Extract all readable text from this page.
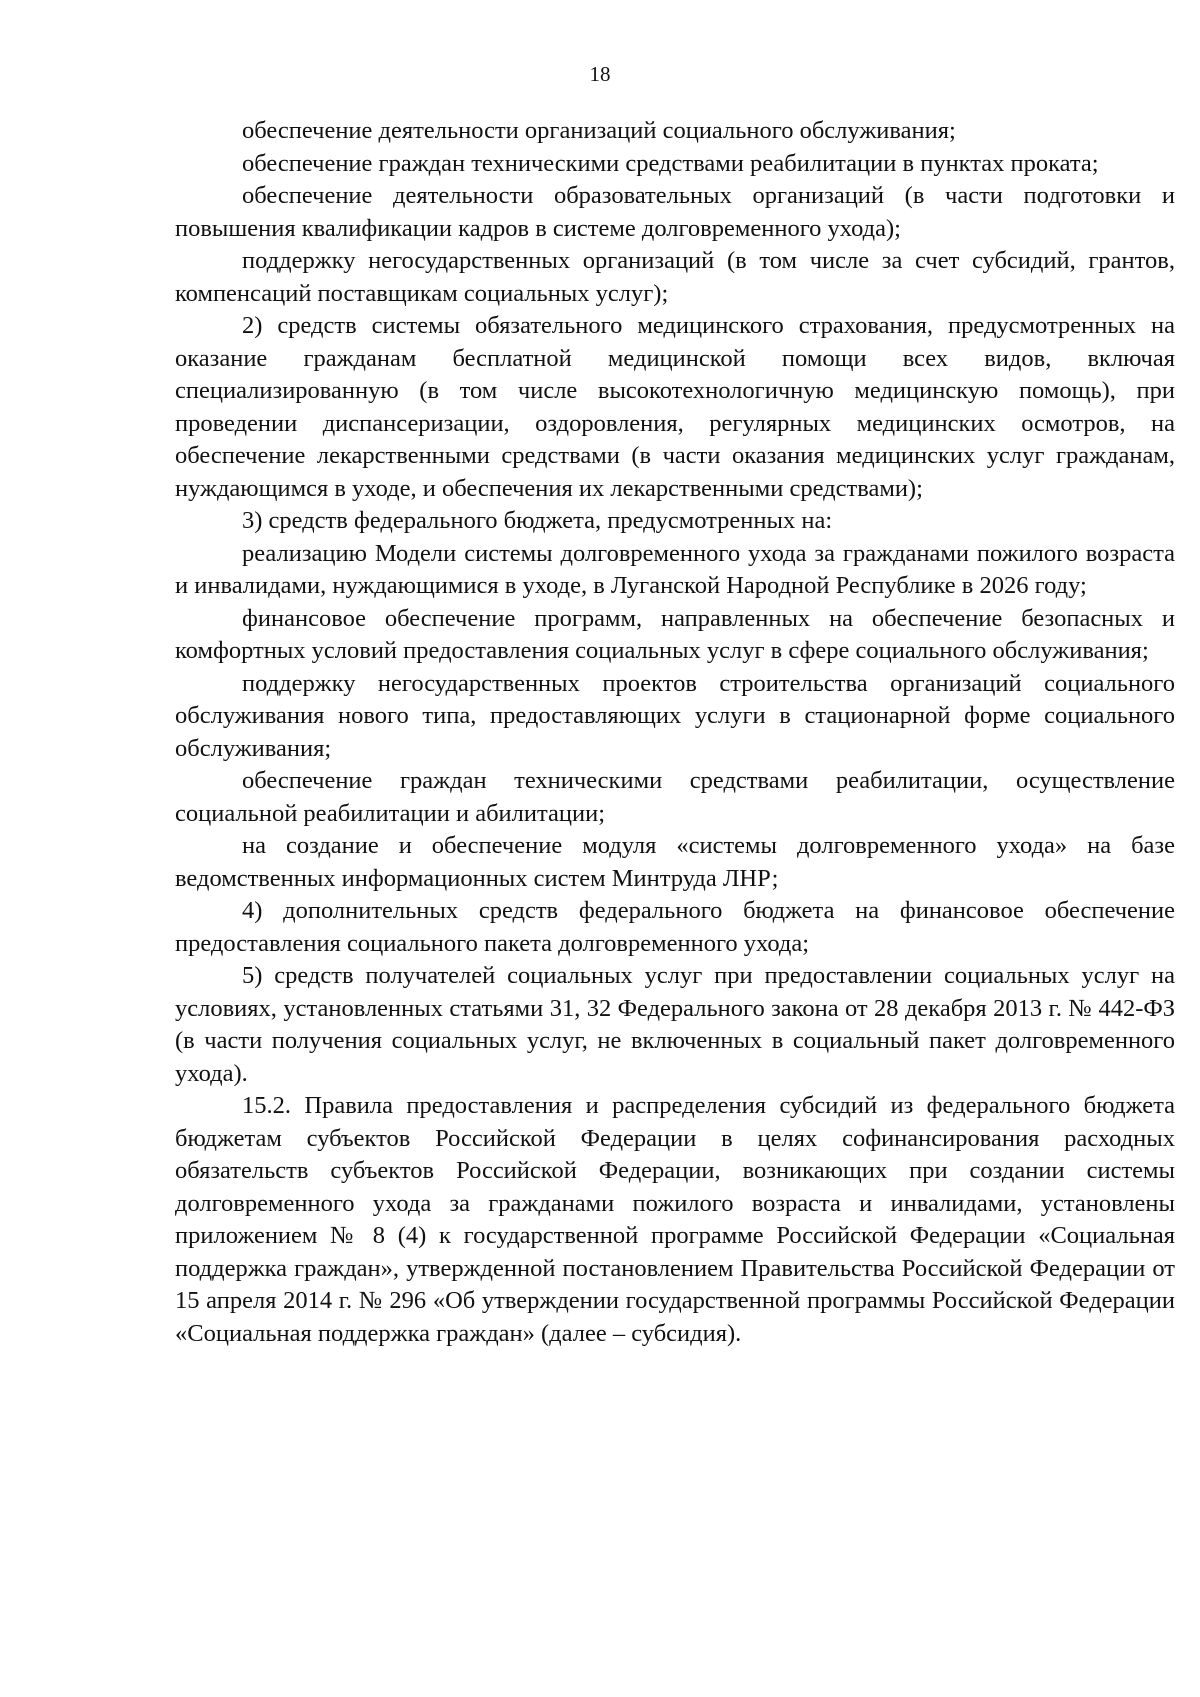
18

обеспечение деятельности организаций социального обслуживания;

обеспечение граждан техническими средствами реабилитации в пунктах проката;

обеспечение деятельности образовательных организаций (в части подготовки и повышения квалификации кадров в системе долговременного ухода);

поддержку негосударственных организаций (в том числе за счет субсидий, грантов, компенсаций поставщикам социальных услуг);

2) средств системы обязательного медицинского страхования, предусмотренных на оказание гражданам бесплатной медицинской помощи всех видов, включая специализированную (в том числе высокотехнологичную медицинскую помощь), при проведении диспансеризации, оздоровления, регулярных медицинских осмотров, на обеспечение лекарственными средствами (в части оказания медицинских услуг гражданам, нуждающимся в уходе, и обеспечения их лекарственными средствами);

3) средств федерального бюджета, предусмотренных на:

реализацию Модели системы долговременного ухода за гражданами пожилого возраста и инвалидами, нуждающимися в уходе, в Луганской Народной Республике в 2026 году;

финансовое обеспечение программ, направленных на обеспечение безопасных и комфортных условий предоставления социальных услуг в сфере социального обслуживания;

поддержку негосударственных проектов строительства организаций социального обслуживания нового типа, предоставляющих услуги в стационарной форме социального обслуживания;

обеспечение граждан техническими средствами реабилитации, осуществление социальной реабилитации и абилитации;

на создание и обеспечение модуля «системы долговременного ухода» на базе ведомственных информационных систем Минтруда ЛНР;

4) дополнительных средств федерального бюджета на финансовое обеспечение предоставления социального пакета долговременного ухода;

5) средств получателей социальных услуг при предоставлении социальных услуг на условиях, установленных статьями 31, 32 Федерального закона от 28 декабря 2013 г. № 442-ФЗ (в части получения социальных услуг, не включенных в социальный пакет долговременного ухода).

15.2. Правила предоставления и распределения субсидий из федерального бюджета бюджетам субъектов Российской Федерации в целях софинансирования расходных обязательств субъектов Российской Федерации, возникающих при создании системы долговременного ухода за гражданами пожилого возраста и инвалидами, установлены приложением № 8 (4) к государственной программе Российской Федерации «Социальная поддержка граждан», утвержденной постановлением Правительства Российской Федерации от 15 апреля 2014 г. № 296 «Об утверждении государственной программы Российской Федерации «Социальная поддержка граждан» (далее – субсидия).
